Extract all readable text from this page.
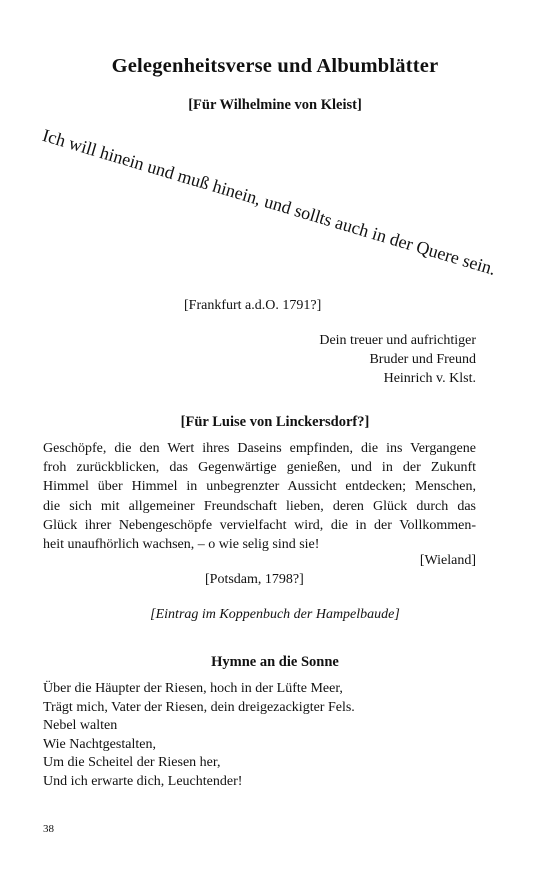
Gelegenheitsverse und Albumblätter
[Für Wilhelmine von Kleist]
Ich will hinein und muß hinein, und sollts auch in der Quere sein.
[Frankfurt a.d.O. 1791?]
Dein treuer und aufrichtiger
Bruder und Freund
Heinrich v. Klst.
[Für Luise von Linckersdorf?]
Geschöpfe, die den Wert ihres Daseins empfinden, die ins Vergangene
froh zurückblicken, das Gegenwärtige genießen, und in der Zukunft
Himmel über Himmel in unbegrenzter Aussicht entdecken; Menschen,
die sich mit allgemeiner Freundschaft lieben, deren Glück durch das
Glück ihrer Nebengeschöpfe vervielfacht wird, die in der Vollkommen-
heit unaufhörlich wachsen, – o wie selig sind sie!
[Wieland]
[Potsdam, 1798?]
[Eintrag im Koppenbuch der Hampelbaude]
Hymne an die Sonne
Über die Häupter der Riesen, hoch in der Lüfte Meer,
Trägt mich, Vater der Riesen, dein dreigezackigter Fels.
Nebel walten
Wie Nachtgestalten,
Um die Scheitel der Riesen her,
Und ich erwarte dich, Leuchtender!
38
